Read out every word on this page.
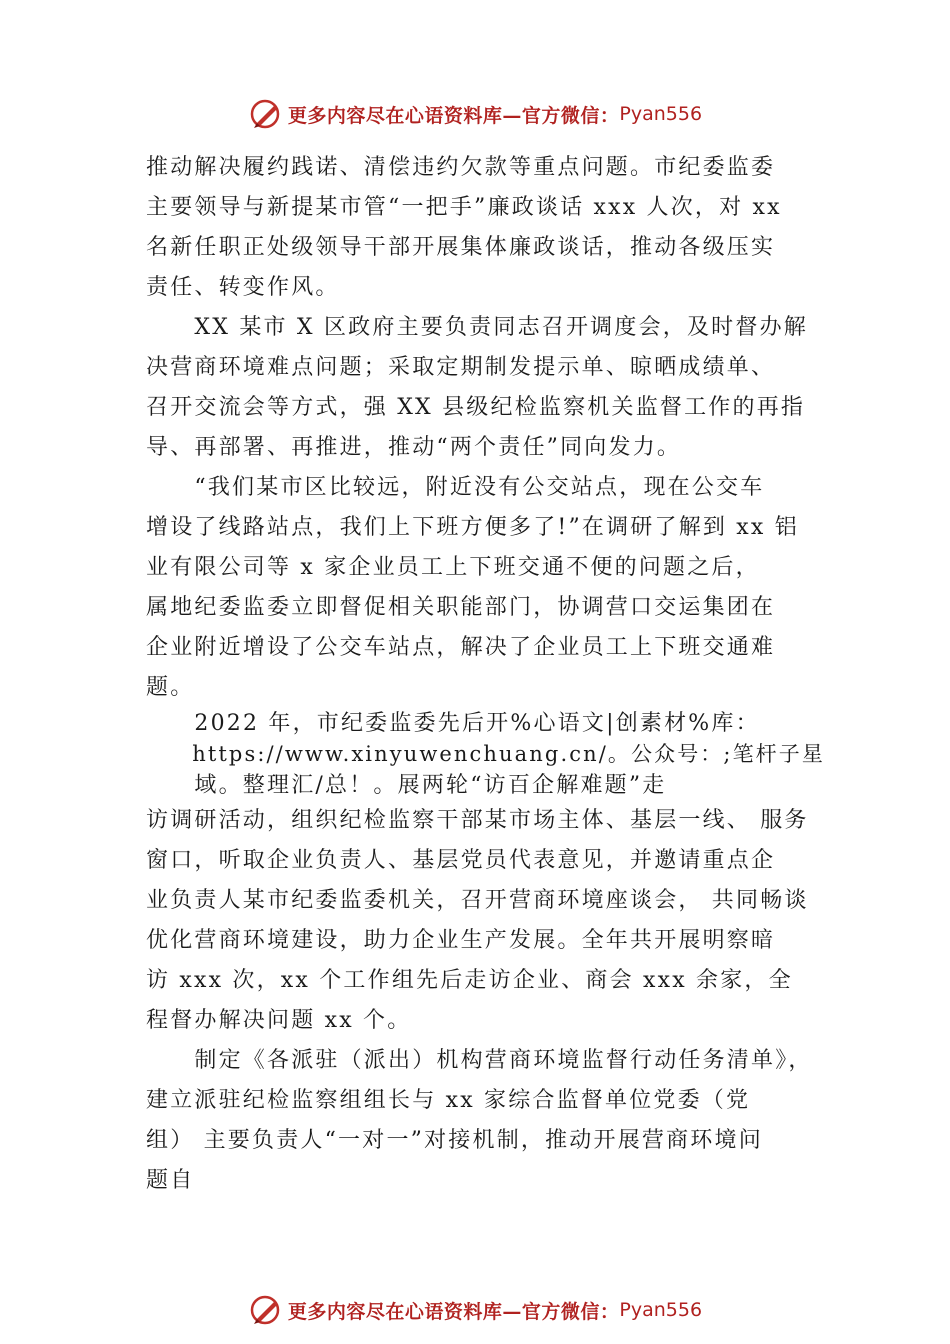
更多内容尽在心语资料库—官方微信： Pyan556
推动解决履约践诺、清偿违约欠款等重点问题。市纪委监委
主要领导与新提某市管“一把手”廉政谈话 xxx 人次，对 xx
名新任职正处级领导干部开展集体廉政谈话，推动各级压实
责任、转变作风。
　　XX 某市 X 区政府主要负责同志召开调度会，及时督办解
决营商环境难点问题；采取定期制发提示单、晾晒成绩单、
召开交流会等方式，强 XX 县级纪检监察机关监督工作的再指
导、再部署、再推进，推动“两个责任”同向发力。
　　“我们某市区比较远，附近没有公交站点，现在公交车
增设了线路站点，我们上下班方便多了!”在调研了解到 xx 铝
业有限公司等 x 家企业员工上下班交通不便的问题之后，
属地纪委监委立即督促相关职能部门，协调营口交运集团在
企业附近增设了公交车站点，解决了企业员工上下班交通难
题。
　　2022 年，市纪委监委先后开%心语文|创素材%库：
　　https://www.xinyuwenchuang.cn/。公众号：;笔杆子星
　　域。整理汇/总！。展两轮“访百企解难题”走
访调研活动，组织纪检监察干部某市场主体、基层一线、 服务
窗口，听取企业负责人、基层党员代表意见，并邀请重点企
业负责人某市纪委监委机关，召开营商环境座谈会， 共同畅谈
优化营商环境建设，助力企业生产发展。全年共开展明察暗
访 xxx 次，xx 个工作组先后走访企业、商会 xxx 余家，全
程督办解决问题 xx 个。
　　制定《各派驻（派出）机构营商环境监督行动任务清单》，
建立派驻纪检监察组组长与 xx 家综合监督单位党委（党
组） 主要负责人“一对一”对接机制，推动开展营商环境问
题自
更多内容尽在心语资料库—官方微信： Pyan556
